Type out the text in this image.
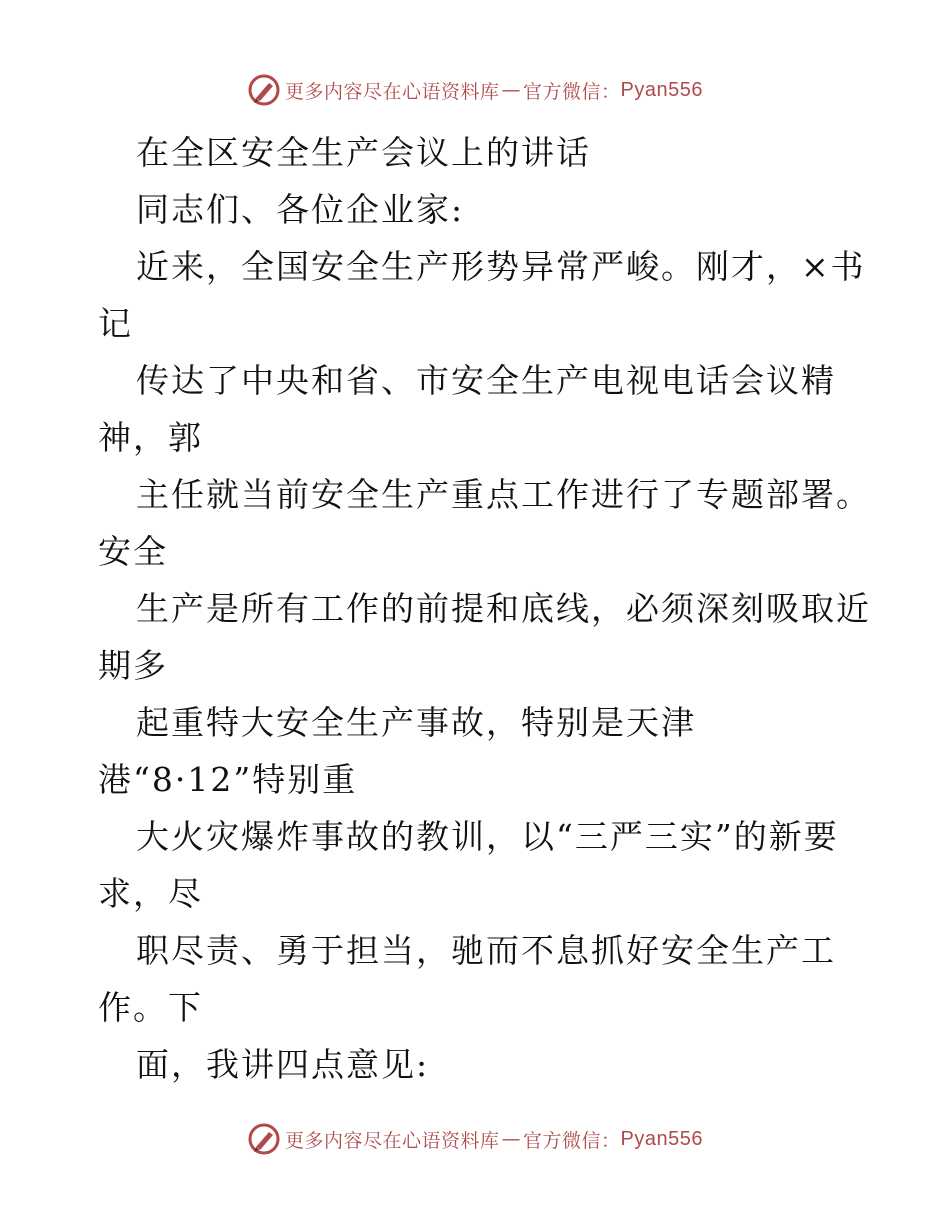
更多内容尽在心语资料库 — 官方微信： Pyan556
在全区安全生产会议上的讲话
同志们、各位企业家:
近来，全国安全生产形势异常严峻。刚才，×书
记
传达了中央和省、市安全生产电视电话会议精
神，郭
主任就当前安全生产重点工作进行了专题部署。
安全
生产是所有工作的前提和底线，必须深刻吸取近
期多
起重特大安全生产事故，特别是天津
港“8·12”特别重
大火灾爆炸事故的教训，以“三严三实”的新要
求，尽
职尽责、勇于担当，驰而不息抓好安全生产工
作。下
面，我讲四点意见:
更多内容尽在心语资料库 — 官方微信： Pyan556
